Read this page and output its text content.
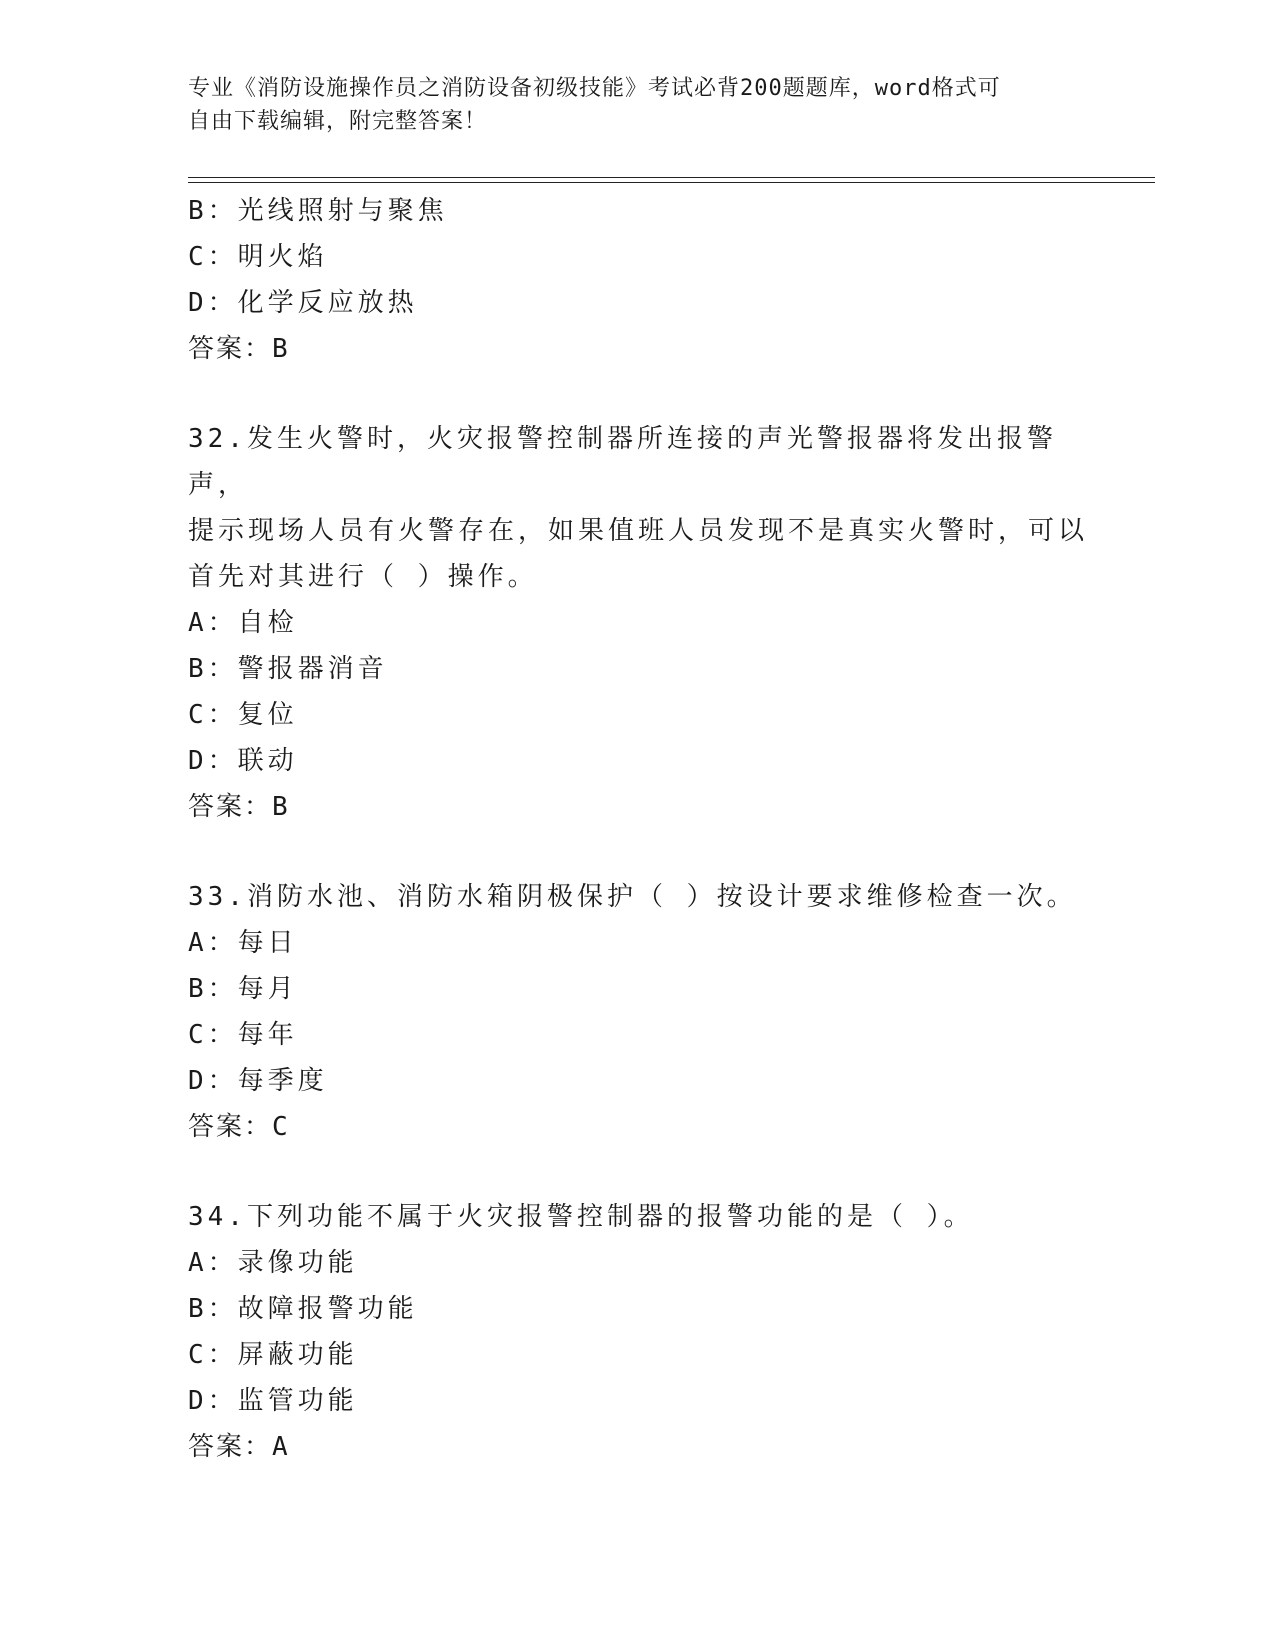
专业《消防设施操作员之消防设备初级技能》考试必背200题题库，word格式可
自由下载编辑，附完整答案！
B：光线照射与聚焦
C：明火焰
D：化学反应放热
答案：B
32.发生火警时，火灾报警控制器所连接的声光警报器将发出报警声，
提示现场人员有火警存在，如果值班人员发现不是真实火警时，可以
首先对其进行（ ）操作。
A：自检
B：警报器消音
C：复位
D：联动
答案：B
33.消防水池、消防水箱阴极保护（ ）按设计要求维修检查一次。
A：每日
B：每月
C：每年
D：每季度
答案：C
34.下列功能不属于火灾报警控制器的报警功能的是（ ）。
A：录像功能
B：故障报警功能
C：屏蔽功能
D：监管功能
答案：A
